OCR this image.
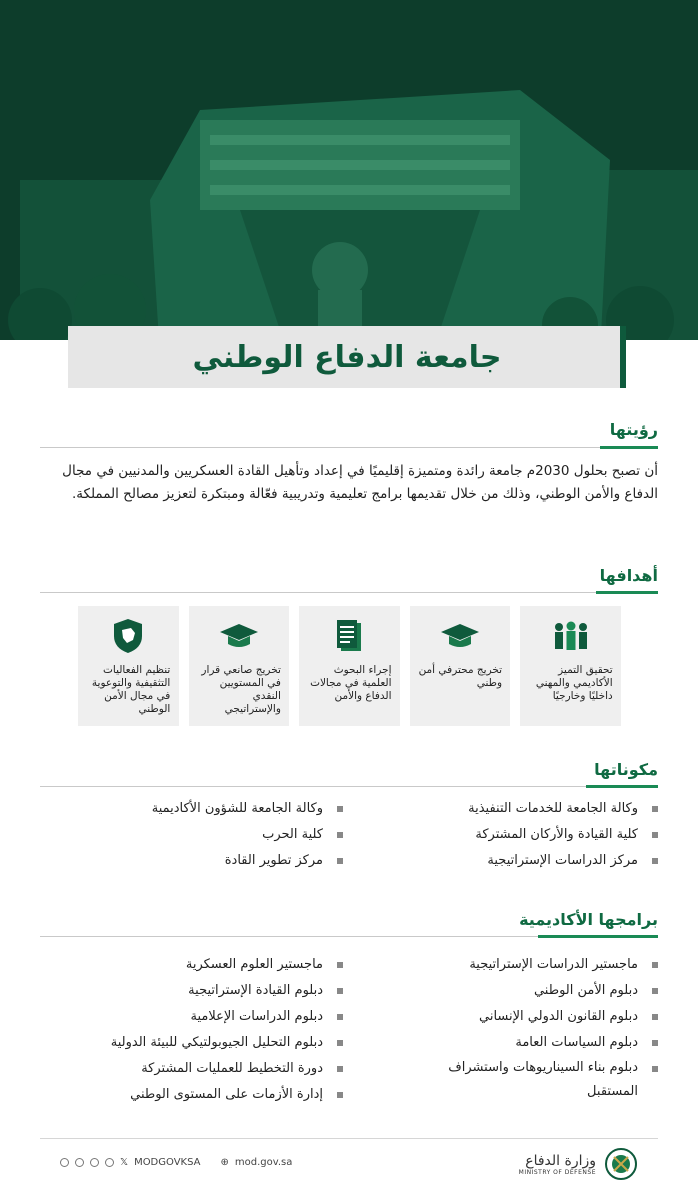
جامعة الدفاع الوطني
رؤيتها
أن تصبح بحلول 2030م جامعة رائدة ومتميزة إقليميًا في إعداد وتأهيل القادة العسكريين والمدنيين في مجال الدفاع والأمن الوطني، وذلك من خلال تقديمها برامج تعليمية وتدريبية فعّالة ومبتكرة لتعزيز مصالح المملكة.
أهدافها
تحقيق التميز الأكاديمي والمهني داخليًا وخارجيًا
تخريج محترفي أمن وطني
إجراء البحوث العلمية في مجالات الدفاع والأمن
تخريج صانعي قرار في المستويين النقدي والإستراتيجي
تنظيم الفعاليات التثقيفية والتوعوية في مجال الأمن الوطني
مكوناتها
وكالة الجامعة للخدمات التنفيذية
كلية القيادة والأركان المشتركة
مركز الدراسات الإستراتيجية
وكالة الجامعة للشؤون الأكاديمية
كلية الحرب
مركز تطوير القادة
برامجها الأكاديمية
ماجستير الدراسات الإستراتيجية
دبلوم الأمن الوطني
دبلوم القانون الدولي الإنساني
دبلوم السياسات العامة
دبلوم بناء السيناريوهات واستشراف المستقبل
ماجستير العلوم العسكرية
دبلوم القيادة الإستراتيجية
دبلوم الدراسات الإعلامية
دبلوم التحليل الجيوبولتيكي للبيئة الدولية
دورة التخطيط للعمليات المشتركة
إدارة الأزمات على المستوى الوطني
𝕏 MODGOVKSA ⊕ mod.gov.sa	وزارة الدفاع
MINISTRY OF DEFENSE
